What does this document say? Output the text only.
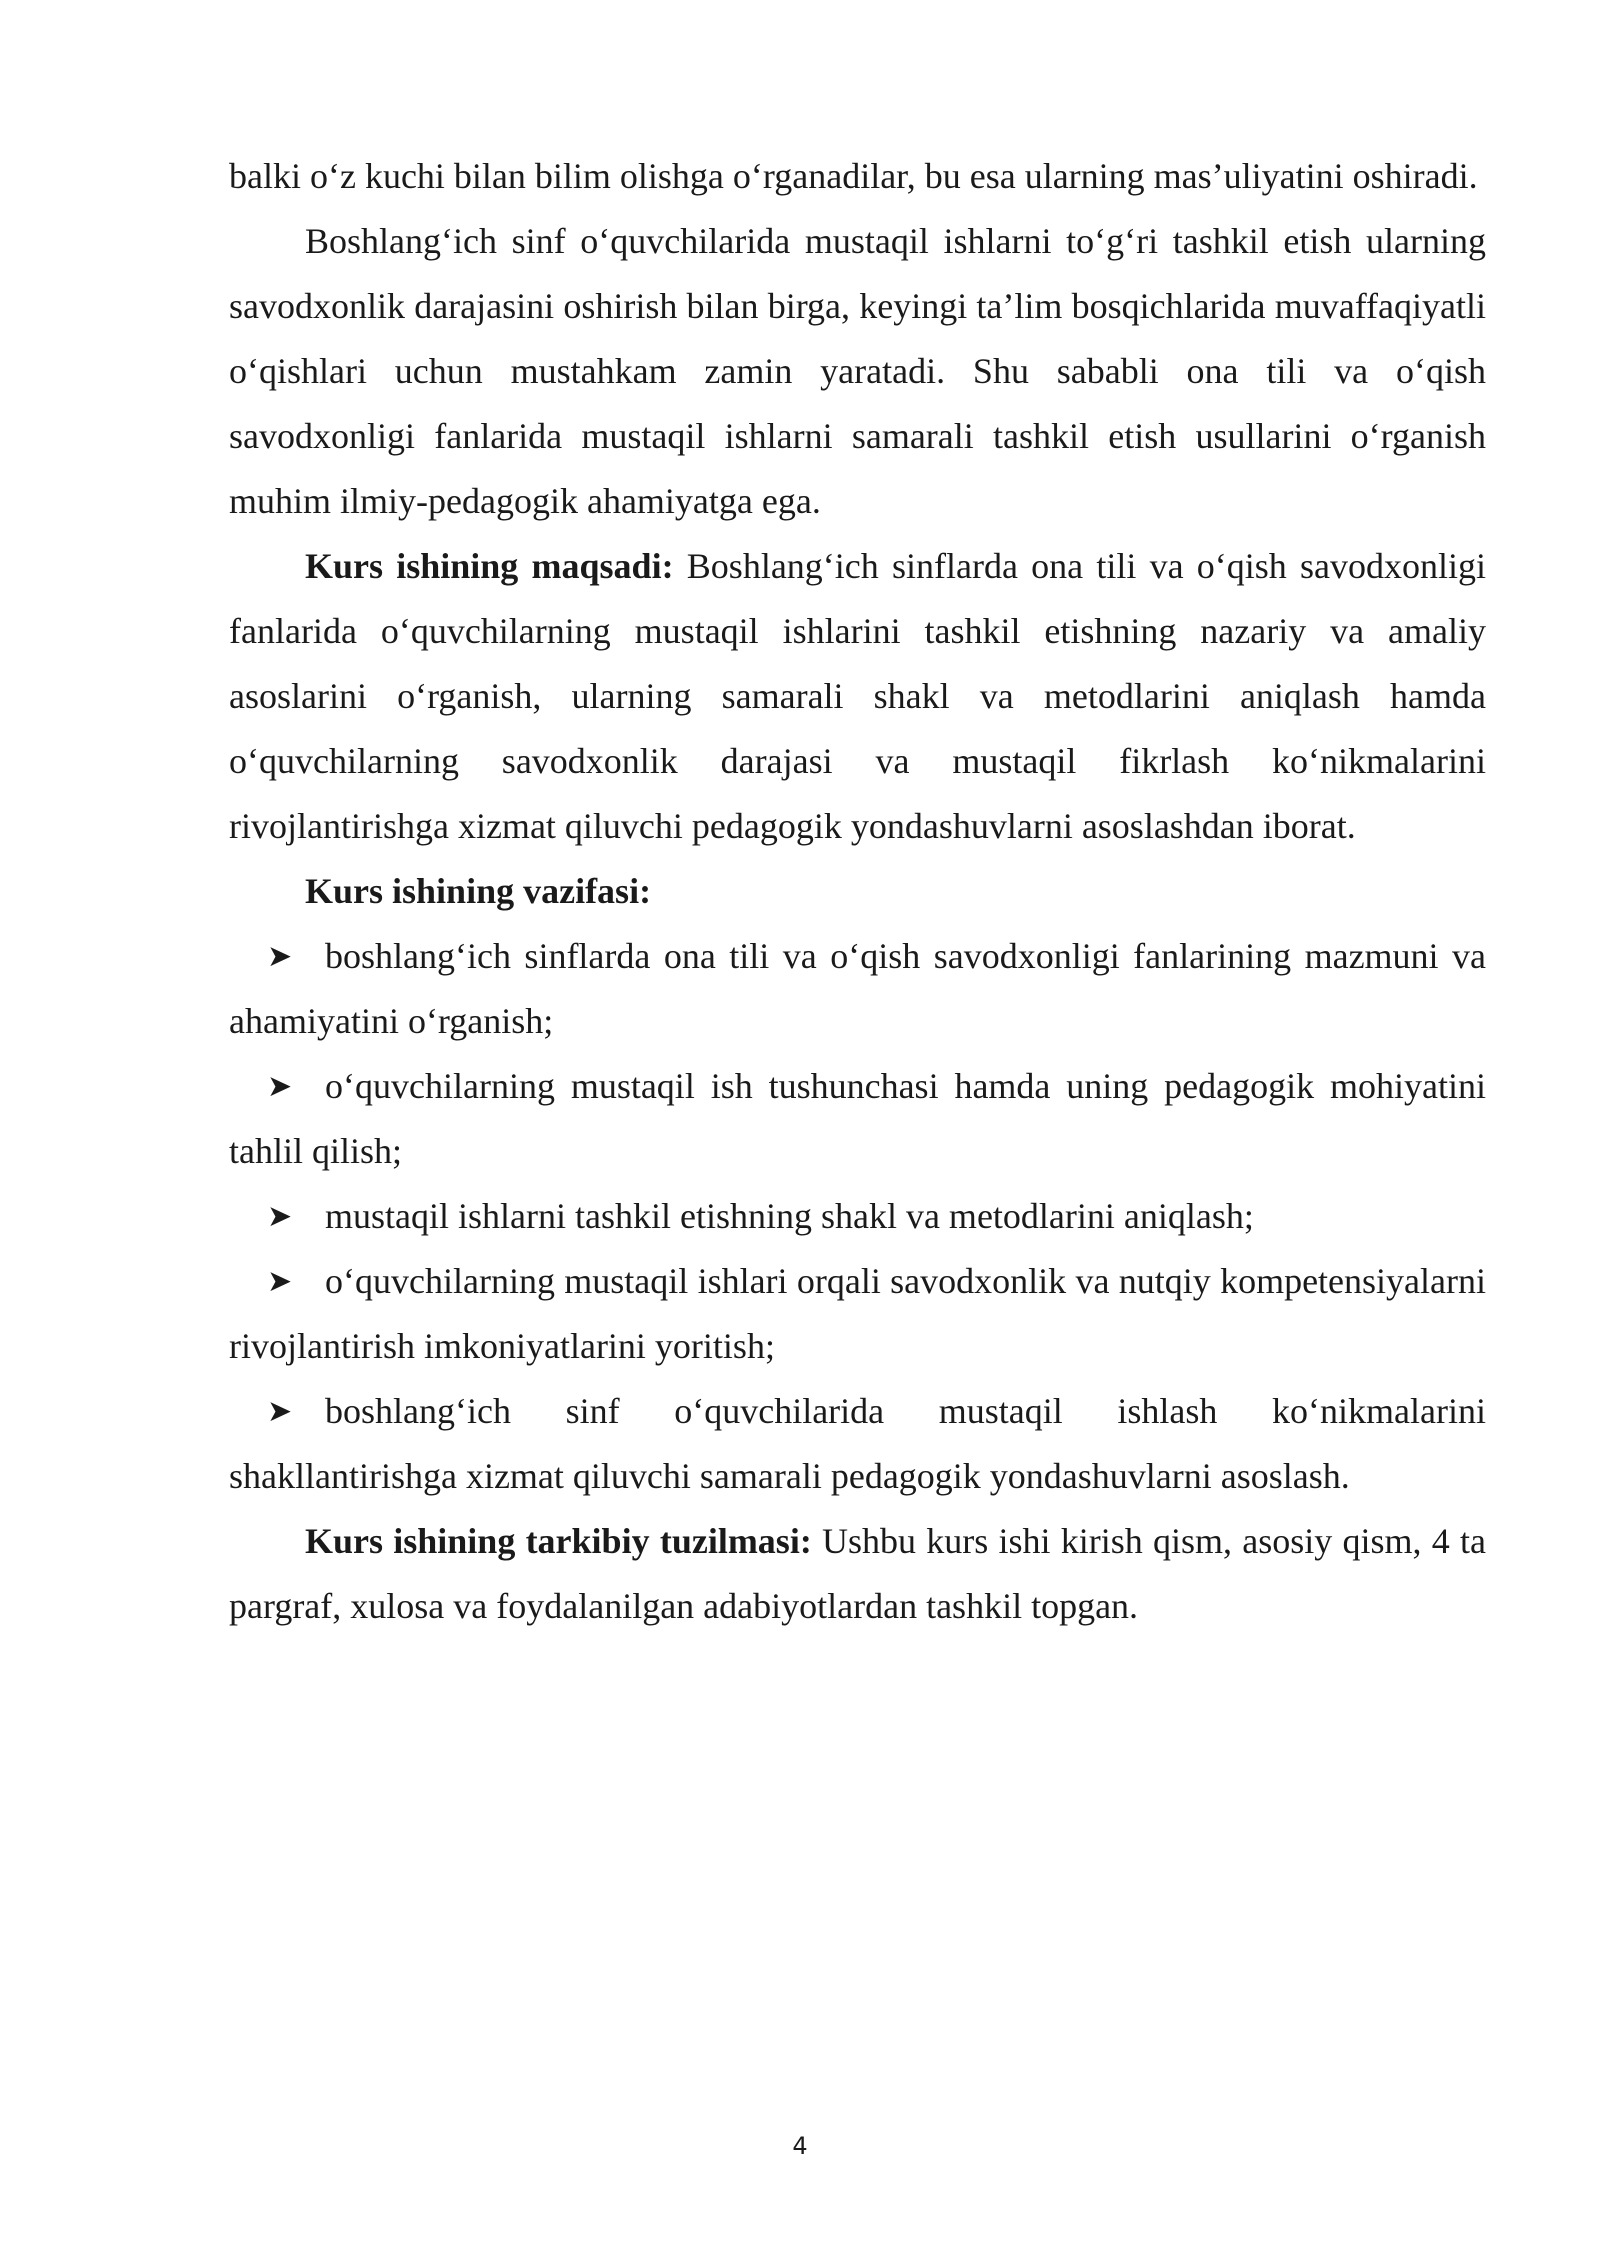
balki o‘z kuchi bilan bilim olishga o‘rganadilar, bu esa ularning mas’uliyatini oshiradi.

Boshlang‘ich sinf o‘quvchilarida mustaqil ishlarni to‘g‘ri tashkil etish ularning savodxonlik darajasini oshirish bilan birga, keyingi ta’lim bosqichlarida muvaffaqiyatli o‘qishlari uchun mustahkam zamin yaratadi. Shu sababli ona tili va o‘qish savodxonligi fanlarida mustaqil ishlarni samarali tashkil etish usullarini o‘rganish muhim ilmiy-pedagogik ahamiyatga ega.

Kurs ishining maqsadi: Boshlang‘ich sinflarda ona tili va o‘qish savodxonligi fanlarida o‘quvchilarning mustaqil ishlarini tashkil etishning nazariy va amaliy asoslarini o‘rganish, ularning samarali shakl va metodlarini aniqlash hamda o‘quvchilarning savodxonlik darajasi va mustaqil fikrlash ko‘nikmalarini rivojlantirishga xizmat qiluvchi pedagogik yondashuvlarni asoslashdan iborat.

Kurs ishining vazifasi:

➤ boshlang‘ich sinflarda ona tili va o‘qish savodxonligi fanlarining mazmuni va ahamiyatini o‘rganish;

➤ o‘quvchilarning mustaqil ish tushunchasi hamda uning pedagogik mohiyatini tahlil qilish;

➤ mustaqil ishlarni tashkil etishning shakl va metodlarini aniqlash;

➤ o‘quvchilarning mustaqil ishlari orqali savodxonlik va nutqiy kompetensiyalarni rivojlantirish imkoniyatlarini yoritish;

➤ boshlang‘ich sinf o‘quvchilarida mustaqil ishlash ko‘nikmalarini shakllantirishga xizmat qiluvchi samarali pedagogik yondashuvlarni asoslash.

Kurs ishining tarkibiy tuzilmasi: Ushbu kurs ishi kirish qism, asosiy qism, 4 ta pargraf, xulosa va foydalanilgan adabiyotlardan tashkil topgan.

4
